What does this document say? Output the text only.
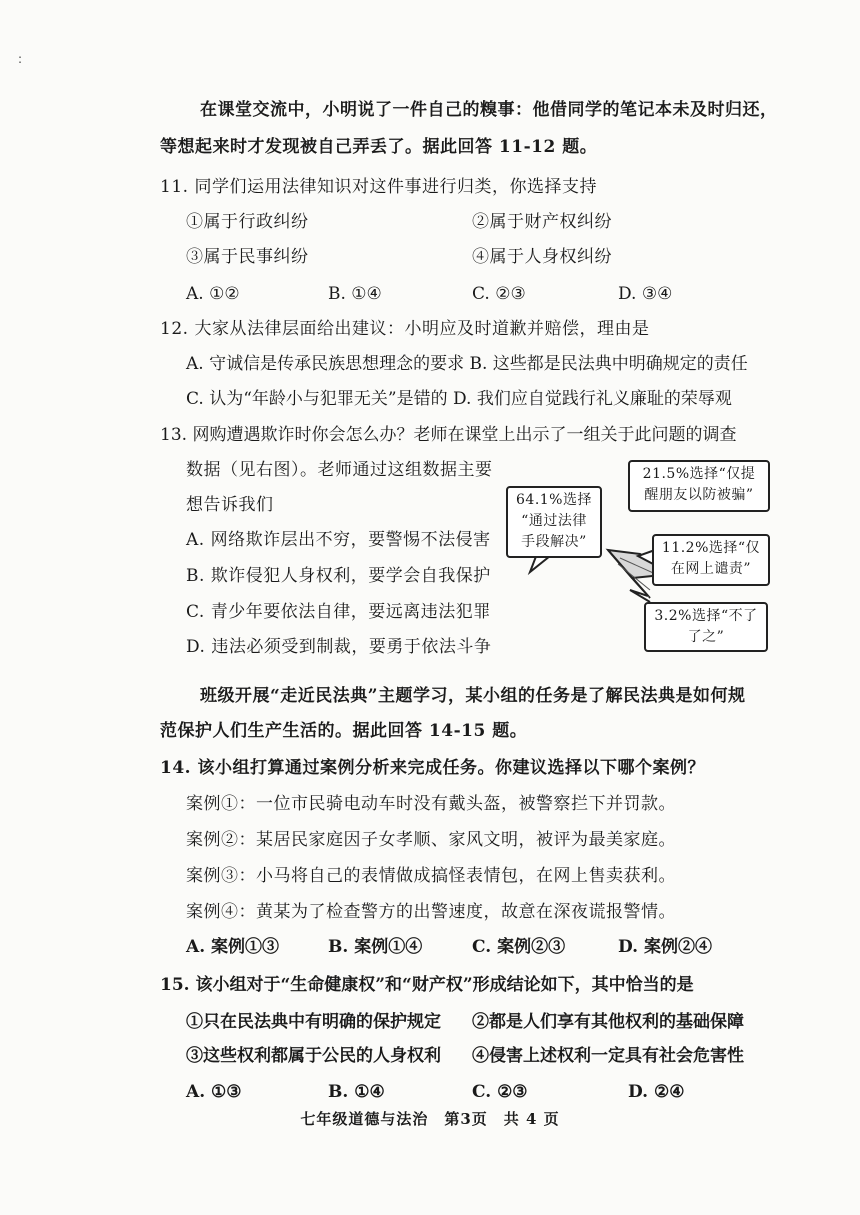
:
在课堂交流中，小明说了一件自己的糗事：他借同学的笔记本未及时归还，
等想起来时才发现被自己弄丢了。据此回答 11-12 题。
11. 同学们运用法律知识对这件事进行归类，你选择支持
①属于行政纠纷	②属于财产权纠纷
③属于民事纠纷	④属于人身权纠纷
A. ①②	B. ①④	C. ②③	D. ③④
12. 大家从法律层面给出建议：小明应及时道歉并赔偿，理由是
A. 守诚信是传承民族思想理念的要求 B. 这些都是民法典中明确规定的责任
C. 认为“年龄小与犯罪无关”是错的 D. 我们应自觉践行礼义廉耻的荣辱观
13. 网购遭遇欺诈时你会怎么办？老师在课堂上出示了一组关于此问题的调查
数据（见右图）。老师通过这组数据主要
想告诉我们
A. 网络欺诈层出不穷，要警惕不法侵害
B. 欺诈侵犯人身权利，要学会自我保护
C. 青少年要依法自律，要远离违法犯罪
D. 违法必须受到制裁，要勇于依法斗争
64.1%选择
“通过法律
手段解决”
21.5%选择“仅提
醒朋友以防被骗”
11.2%选择“仅
在网上谴责”
3.2%选择“不了
了之”
班级开展“走近民法典”主题学习，某小组的任务是了解民法典是如何规
范保护人们生产生活的。据此回答 14-15 题。
14. 该小组打算通过案例分析来完成任务。你建议选择以下哪个案例？
案例①：一位市民骑电动车时没有戴头盔，被警察拦下并罚款。
案例②：某居民家庭因子女孝顺、家风文明，被评为最美家庭。
案例③：小马将自己的表情做成搞怪表情包，在网上售卖获利。
案例④：黄某为了检查警方的出警速度，故意在深夜谎报警情。
A. 案例①③	B. 案例①④	C. 案例②③	D. 案例②④
15. 该小组对于“生命健康权”和“财产权”形成结论如下，其中恰当的是
①只在民法典中有明确的保护规定 ②都是人们享有其他权利的基础保障
③这些权利都属于公民的人身权利 ④侵害上述权利一定具有社会危害性
A. ①③	B. ①④	C. ②③	D. ②④
七年级道德与法治　第3页　共 4 页
